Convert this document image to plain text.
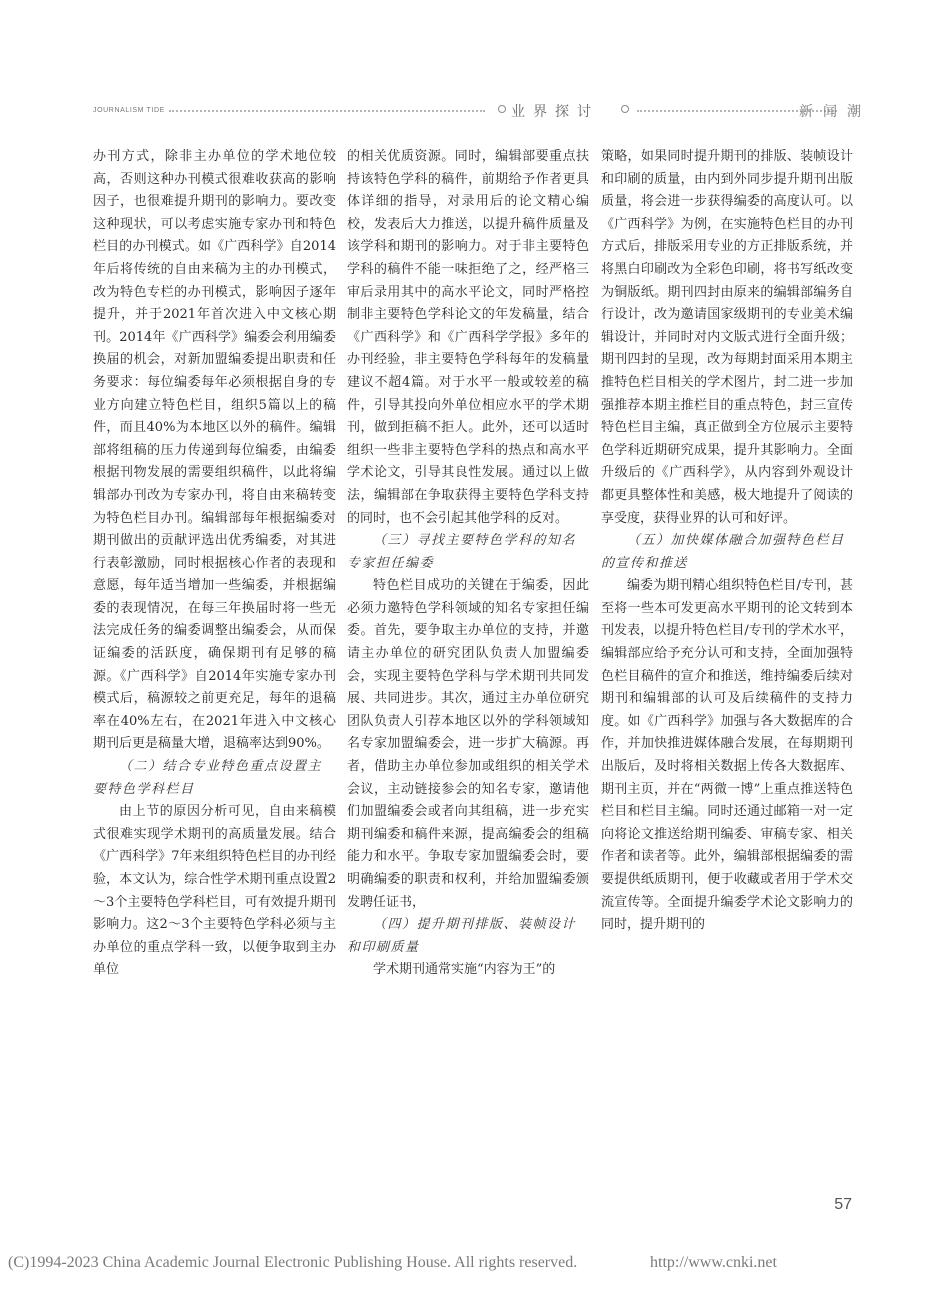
JOURNALISM TIDE	业界探讨	新闻潮

办刊方式，除非主办单位的学术地位较高，否则这种办刊模式很难收获高的影响因子，也很难提升期刊的影响力。要改变这种现状，可以考虑实施专家办刊和特色栏目的办刊模式。如《广西科学》自2014年后将传统的自由来稿为主的办刊模式，改为特色专栏的办刊模式，影响因子逐年提升，并于2021年首次进入中文核心期刊。2014年《广西科学》编委会利用编委换届的机会，对新加盟编委提出职责和任务要求：每位编委每年必须根据自身的专业方向建立特色栏目，组织5篇以上的稿件，而且40%为本地区以外的稿件。编辑部将组稿的压力传递到每位编委，由编委根据刊物发展的需要组织稿件，以此将编辑部办刊改为专家办刊，将自由来稿转变为特色栏目办刊。编辑部每年根据编委对期刊做出的贡献评选出优秀编委，对其进行表彰激励，同时根据核心作者的表现和意愿，每年适当增加一些编委，并根据编委的表现情况，在每三年换届时将一些无法完成任务的编委调整出编委会，从而保证编委的活跃度，确保期刊有足够的稿源。《广西科学》自2014年实施专家办刊模式后，稿源较之前更充足，每年的退稿率在40%左右，在2021年进入中文核心期刊后更是稿量大增，退稿率达到90%。

（二）结合专业特色重点设置主要特色学科栏目

由上节的原因分析可见，自由来稿模式很难实现学术期刊的高质量发展。结合《广西科学》7年来组织特色栏目的办刊经验，本文认为，综合性学术期刊重点设置2～3个主要特色学科栏目，可有效提升期刊影响力。这2～3个主要特色学科必须与主办单位的重点学科一致，以便争取到主办单位

的相关优质资源。同时，编辑部要重点扶持该特色学科的稿件，前期给予作者更具体详细的指导，对录用后的论文精心编校，发表后大力推送，以提升稿件质量及该学科和期刊的影响力。对于非主要特色学科的稿件不能一味拒绝了之，经严格三审后录用其中的高水平论文，同时严格控制非主要特色学科论文的年发稿量，结合《广西科学》和《广西科学学报》多年的办刊经验，非主要特色学科每年的发稿量建议不超4篇。对于水平一般或较差的稿件，引导其投向外单位相应水平的学术期刊，做到拒稿不拒人。此外，还可以适时组织一些非主要特色学科的热点和高水平学术论文，引导其良性发展。通过以上做法，编辑部在争取获得主要特色学科支持的同时，也不会引起其他学科的反对。

（三）寻找主要特色学科的知名专家担任编委

特色栏目成功的关键在于编委，因此必须力邀特色学科领域的知名专家担任编委。首先，要争取主办单位的支持，并邀请主办单位的研究团队负责人加盟编委会，实现主要特色学科与学术期刊共同发展、共同进步。其次，通过主办单位研究团队负责人引荐本地区以外的学科领域知名专家加盟编委会，进一步扩大稿源。再者，借助主办单位参加或组织的相关学术会议，主动链接参会的知名专家，邀请他们加盟编委会或者向其组稿，进一步充实期刊编委和稿件来源，提高编委会的组稿能力和水平。争取专家加盟编委会时，要明确编委的职责和权利，并给加盟编委颁发聘任证书，

（四）提升期刊排版、装帧设计和印刷质量

学术期刊通常实施“内容为王”的

策略，如果同时提升期刊的排版、装帧设计和印刷的质量，由内到外同步提升期刊出版质量，将会进一步获得编委的高度认可。以《广西科学》为例，在实施特色栏目的办刊方式后，排版采用专业的方正排版系统，并将黑白印刷改为全彩色印刷，将书写纸改变为铜版纸。期刊四封由原来的编辑部编务自行设计，改为邀请国家级期刊的专业美术编辑设计，并同时对内文版式进行全面升级；期刊四封的呈现，改为每期封面采用本期主推特色栏目相关的学术图片，封二进一步加强推荐本期主推栏目的重点特色，封三宣传特色栏目主编，真正做到全方位展示主要特色学科近期研究成果，提升其影响力。全面升级后的《广西科学》，从内容到外观设计都更具整体性和美感，极大地提升了阅读的享受度，获得业界的认可和好评。

（五）加快媒体融合加强特色栏目的宣传和推送

编委为期刊精心组织特色栏目/专刊，甚至将一些本可发更高水平期刊的论文转到本刊发表，以提升特色栏目/专刊的学术水平，编辑部应给予充分认可和支持，全面加强特色栏目稿件的宣介和推送，维持编委后续对期刊和编辑部的认可及后续稿件的支持力度。如《广西科学》加强与各大数据库的合作，并加快推进媒体融合发展，在每期期刊出版后，及时将相关数据上传各大数据库、期刊主页，并在“两微一博”上重点推送特色栏目和栏目主编。同时还通过邮箱一对一定向将论文推送给期刊编委、审稿专家、相关作者和读者等。此外，编辑部根据编委的需要提供纸质期刊，便于收藏或者用于学术交流宣传等。全面提升编委学术论文影响力的同时，提升期刊的

57
(C)1994-2023 China Academic Journal Electronic Publishing House. All rights reserved.	http://www.cnki.net
